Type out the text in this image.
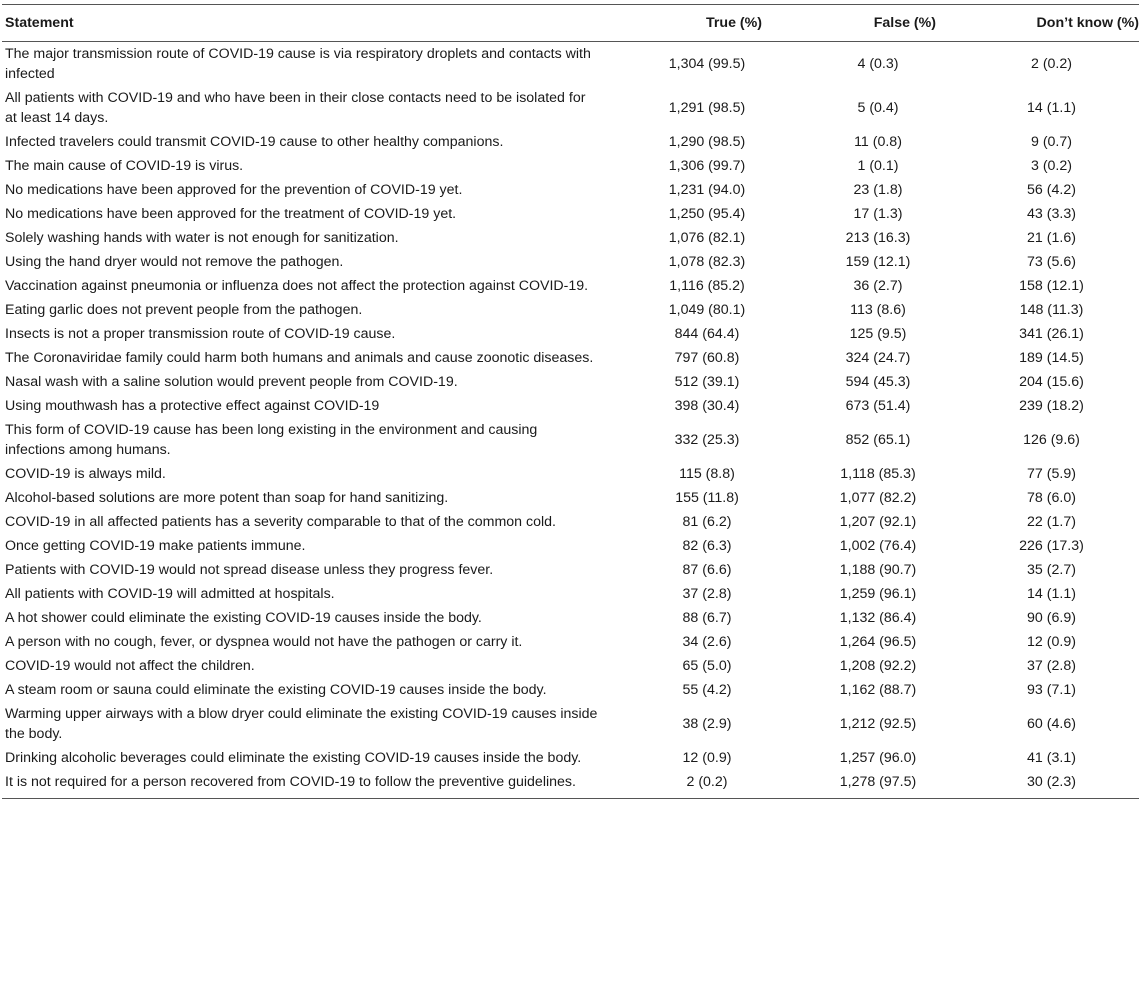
Statement	True (%)	False (%)	Don’t know (%)
The major transmission route of COVID-19 cause is via respiratory droplets and contacts with infected	1,304 (99.5)	4 (0.3)	2 (0.2)
All patients with COVID-19 and who have been in their close contacts need to be isolated for at least 14 days.	1,291 (98.5)	5 (0.4)	14 (1.1)
Infected travelers could transmit COVID-19 cause to other healthy companions.	1,290 (98.5)	11 (0.8)	9 (0.7)
The main cause of COVID-19 is virus.	1,306 (99.7)	1 (0.1)	3 (0.2)
No medications have been approved for the prevention of COVID-19 yet.	1,231 (94.0)	23 (1.8)	56 (4.2)
No medications have been approved for the treatment of COVID-19 yet.	1,250 (95.4)	17 (1.3)	43 (3.3)
Solely washing hands with water is not enough for sanitization.	1,076 (82.1)	213 (16.3)	21 (1.6)
Using the hand dryer would not remove the pathogen.	1,078 (82.3)	159 (12.1)	73 (5.6)
Vaccination against pneumonia or influenza does not affect the protection against COVID-19.	1,116 (85.2)	36 (2.7)	158 (12.1)
Eating garlic does not prevent people from the pathogen.	1,049 (80.1)	113 (8.6)	148 (11.3)
Insects is not a proper transmission route of COVID-19 cause.	844 (64.4)	125 (9.5)	341 (26.1)
The Coronaviridae family could harm both humans and animals and cause zoonotic diseases.	797 (60.8)	324 (24.7)	189 (14.5)
Nasal wash with a saline solution would prevent people from COVID-19.	512 (39.1)	594 (45.3)	204 (15.6)
Using mouthwash has a protective effect against COVID-19	398 (30.4)	673 (51.4)	239 (18.2)
This form of COVID-19 cause has been long existing in the environment and causing infections among humans.	332 (25.3)	852 (65.1)	126 (9.6)
COVID-19 is always mild.	115 (8.8)	1,118 (85.3)	77 (5.9)
Alcohol-based solutions are more potent than soap for hand sanitizing.	155 (11.8)	1,077 (82.2)	78 (6.0)
COVID-19 in all affected patients has a severity comparable to that of the common cold.	81 (6.2)	1,207 (92.1)	22 (1.7)
Once getting COVID-19 make patients immune.	82 (6.3)	1,002 (76.4)	226 (17.3)
Patients with COVID-19 would not spread disease unless they progress fever.	87 (6.6)	1,188 (90.7)	35 (2.7)
All patients with COVID-19 will admitted at hospitals.	37 (2.8)	1,259 (96.1)	14 (1.1)
A hot shower could eliminate the existing COVID-19 causes inside the body.	88 (6.7)	1,132 (86.4)	90 (6.9)
A person with no cough, fever, or dyspnea would not have the pathogen or carry it.	34 (2.6)	1,264 (96.5)	12 (0.9)
COVID-19 would not affect the children.	65 (5.0)	1,208 (92.2)	37 (2.8)
A steam room or sauna could eliminate the existing COVID-19 causes inside the body.	55 (4.2)	1,162 (88.7)	93 (7.1)
Warming upper airways with a blow dryer could eliminate the existing COVID-19 causes inside the body.	38 (2.9)	1,212 (92.5)	60 (4.6)
Drinking alcoholic beverages could eliminate the existing COVID-19 causes inside the body.	12 (0.9)	1,257 (96.0)	41 (3.1)
It is not required for a person recovered from COVID-19 to follow the preventive guidelines.	2 (0.2)	1,278 (97.5)	30 (2.3)
